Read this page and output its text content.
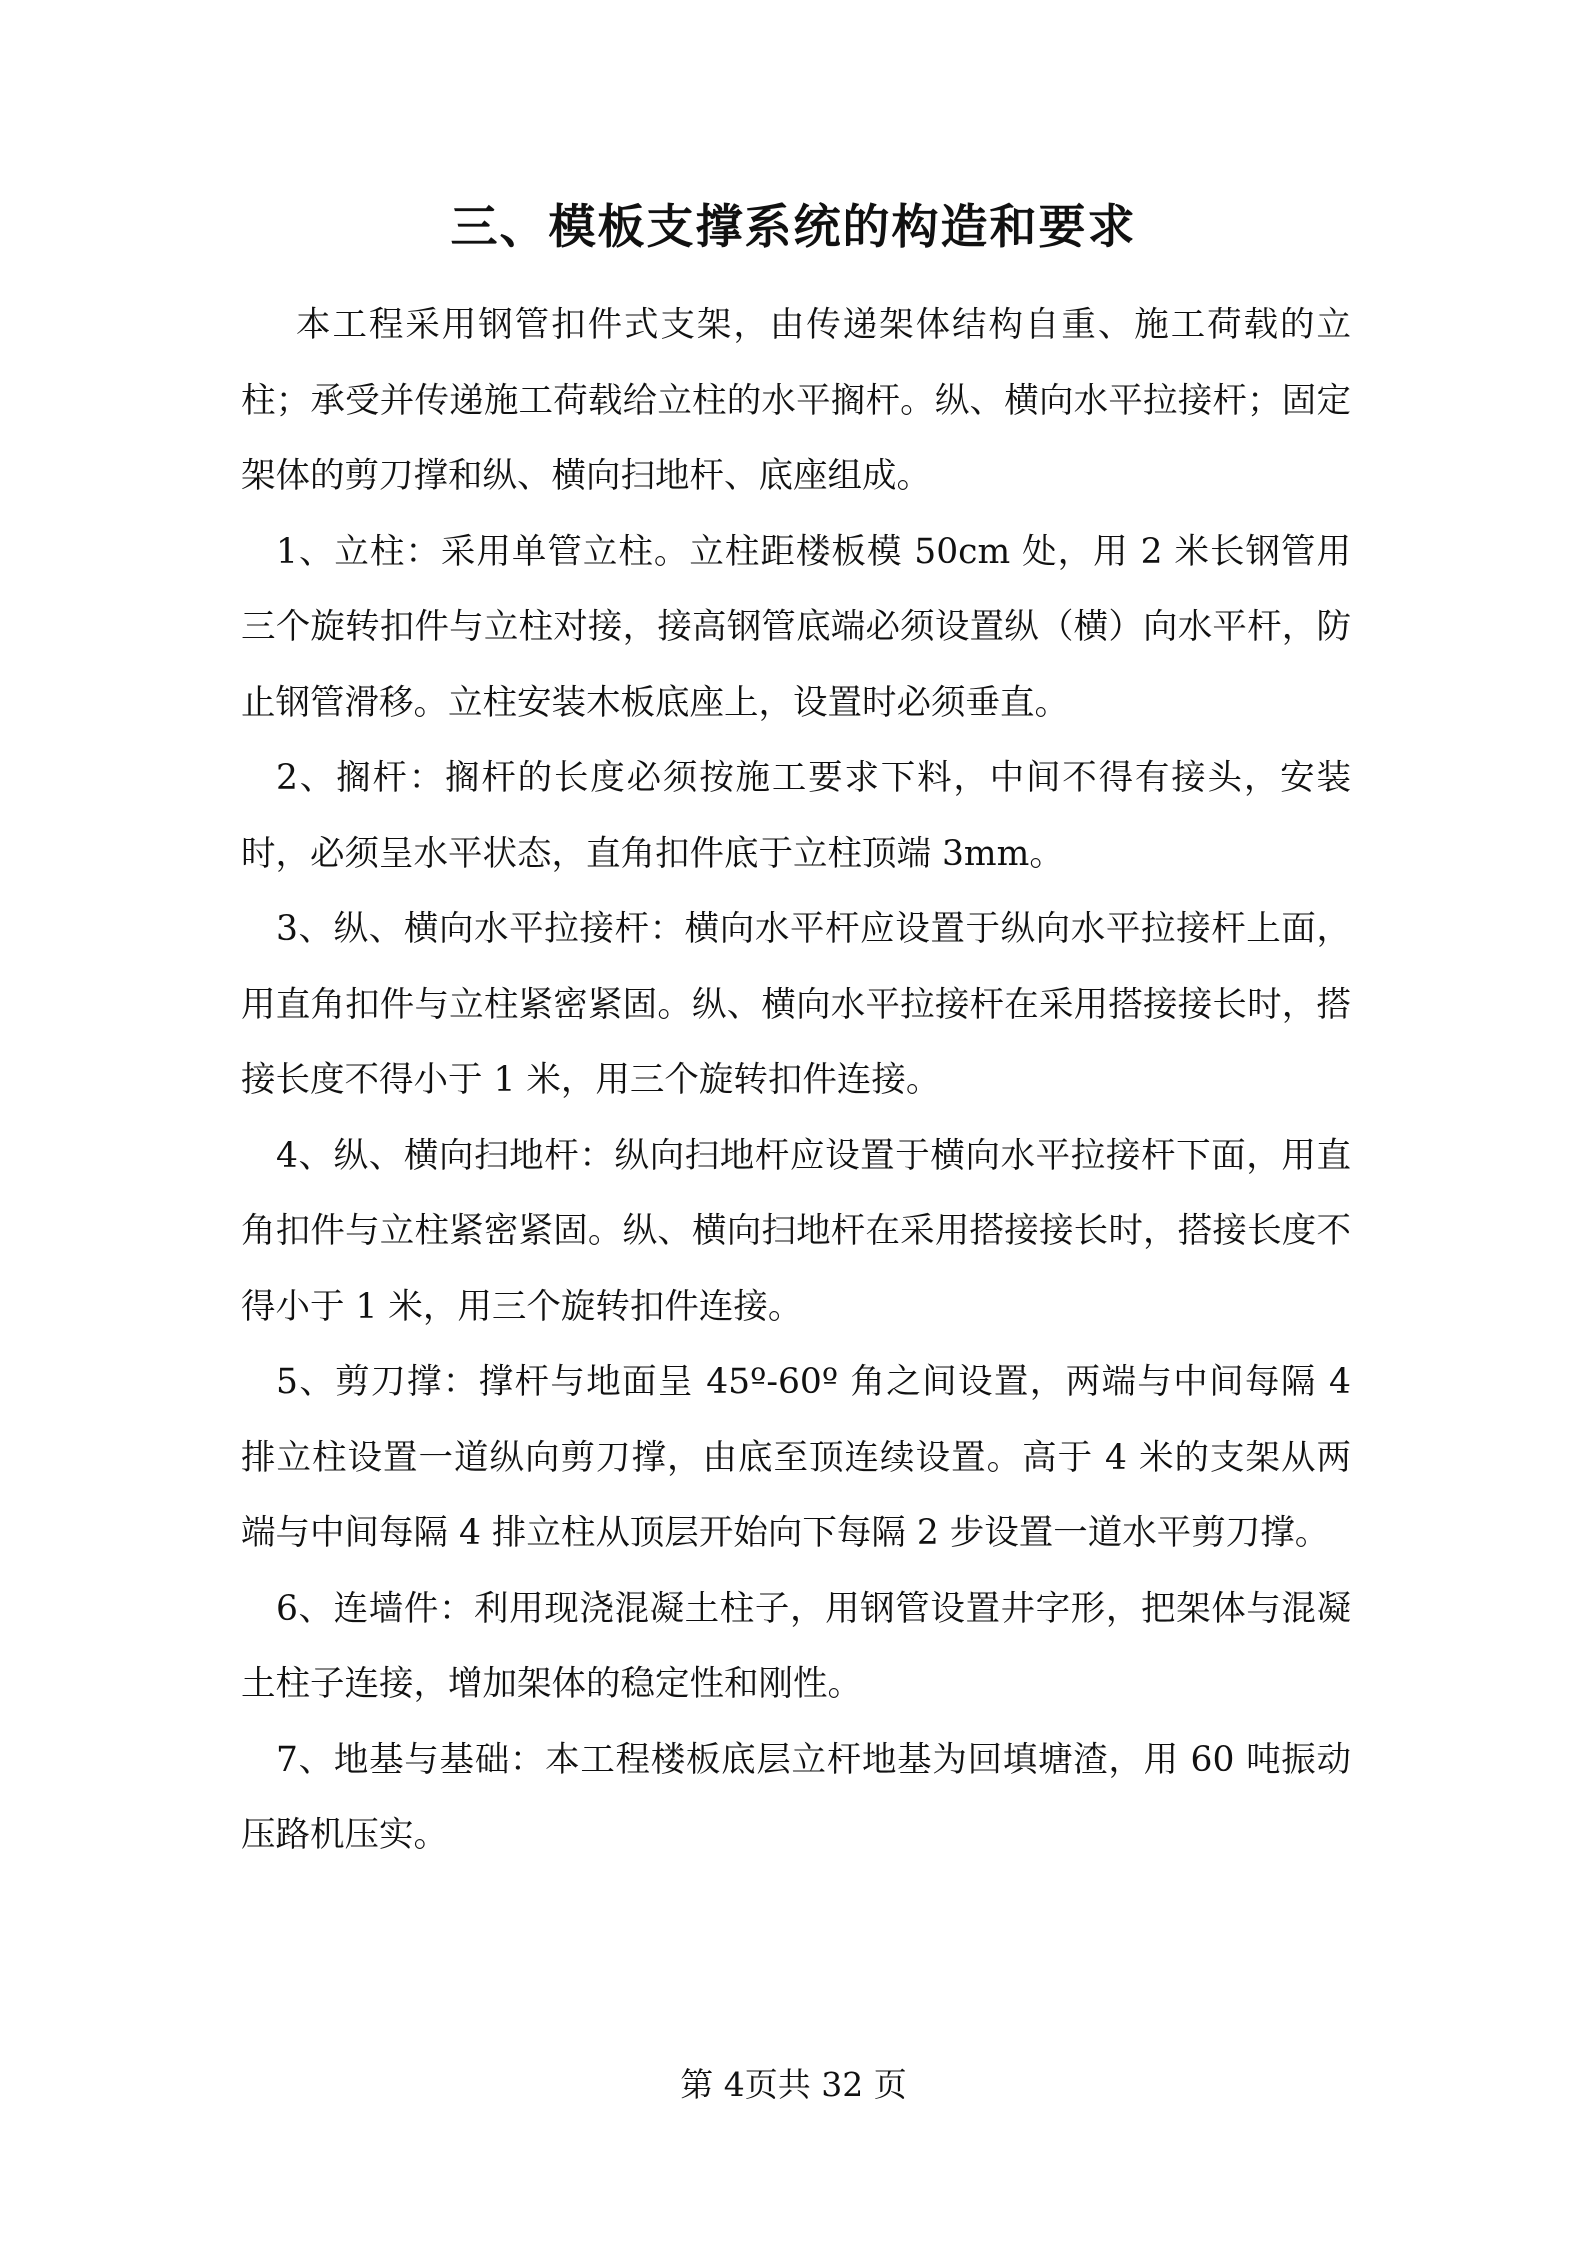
三、模板支撑系统的构造和要求

本工程采用钢管扣件式支架，由传递架体结构自重、施工荷载的立柱；承受并传递施工荷载给立柱的水平搁杆。纵、横向水平拉接杆；固定架体的剪刀撑和纵、横向扫地杆、底座组成。

1、立柱：采用单管立柱。立柱距楼板模 50cm 处，用 2 米长钢管用三个旋转扣件与立柱对接，接高钢管底端必须设置纵（横）向水平杆，防止钢管滑移。立柱安装木板底座上，设置时必须垂直。

2、搁杆：搁杆的长度必须按施工要求下料，中间不得有接头，安装时，必须呈水平状态，直角扣件底于立柱顶端 3mm。

3、纵、横向水平拉接杆：横向水平杆应设置于纵向水平拉接杆上面，用直角扣件与立柱紧密紧固。纵、横向水平拉接杆在采用搭接接长时，搭接长度不得小于 1 米，用三个旋转扣件连接。

4、纵、横向扫地杆：纵向扫地杆应设置于横向水平拉接杆下面，用直角扣件与立柱紧密紧固。纵、横向扫地杆在采用搭接接长时，搭接长度不得小于 1 米，用三个旋转扣件连接。

5、剪刀撑：撑杆与地面呈 45º-60º 角之间设置，两端与中间每隔 4 排立柱设置一道纵向剪刀撑，由底至顶连续设置。高于 4 米的支架从两端与中间每隔 4 排立柱从顶层开始向下每隔 2 步设置一道水平剪刀撑。

6、连墙件：利用现浇混凝土柱子，用钢管设置井字形，把架体与混凝土柱子连接，增加架体的稳定性和刚性。

7、地基与基础：本工程楼板底层立杆地基为回填塘渣，用 60 吨振动压路机压实。

第 4页共 32 页
